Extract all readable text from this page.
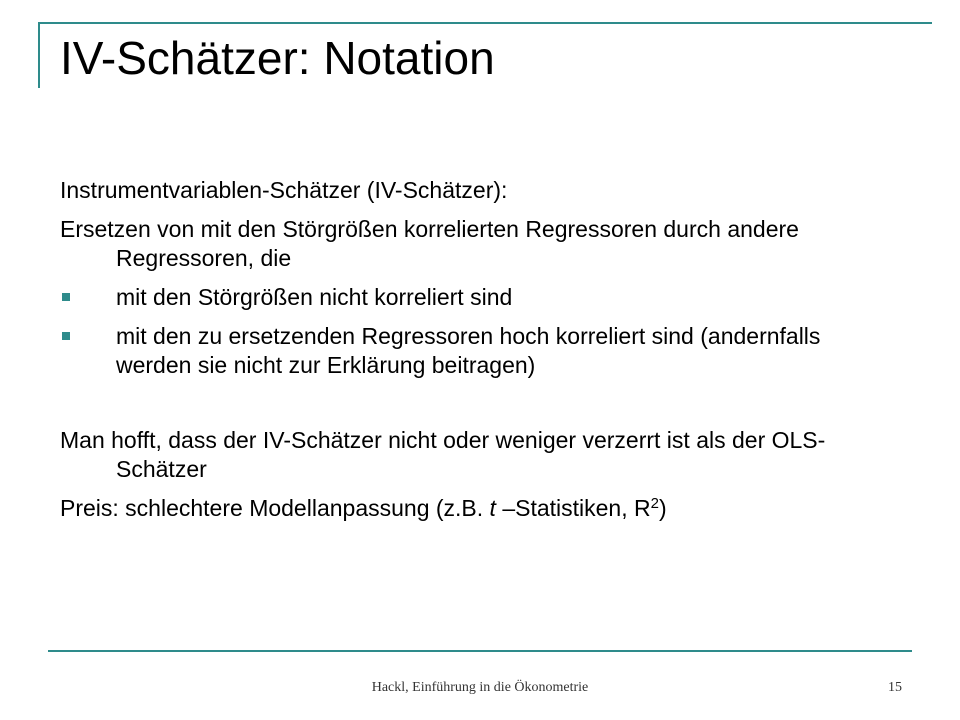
IV-Schätzer: Notation

Instrumentvariablen-Schätzer (IV-Schätzer):

Ersetzen von mit den Störgrößen korrelierten Regressoren durch andere Regressoren, die

mit den Störgrößen nicht korreliert sind
mit den zu ersetzenden Regressoren hoch korreliert sind (andernfalls werden sie nicht zur Erklärung beitragen)

Man hofft, dass der IV-Schätzer nicht oder weniger verzerrt ist als der OLS-Schätzer

Preis: schlechtere Modellanpassung (z.B. t –Statistiken, $R^2$)

Hackl, Einführung in die Ökonometrie	15
